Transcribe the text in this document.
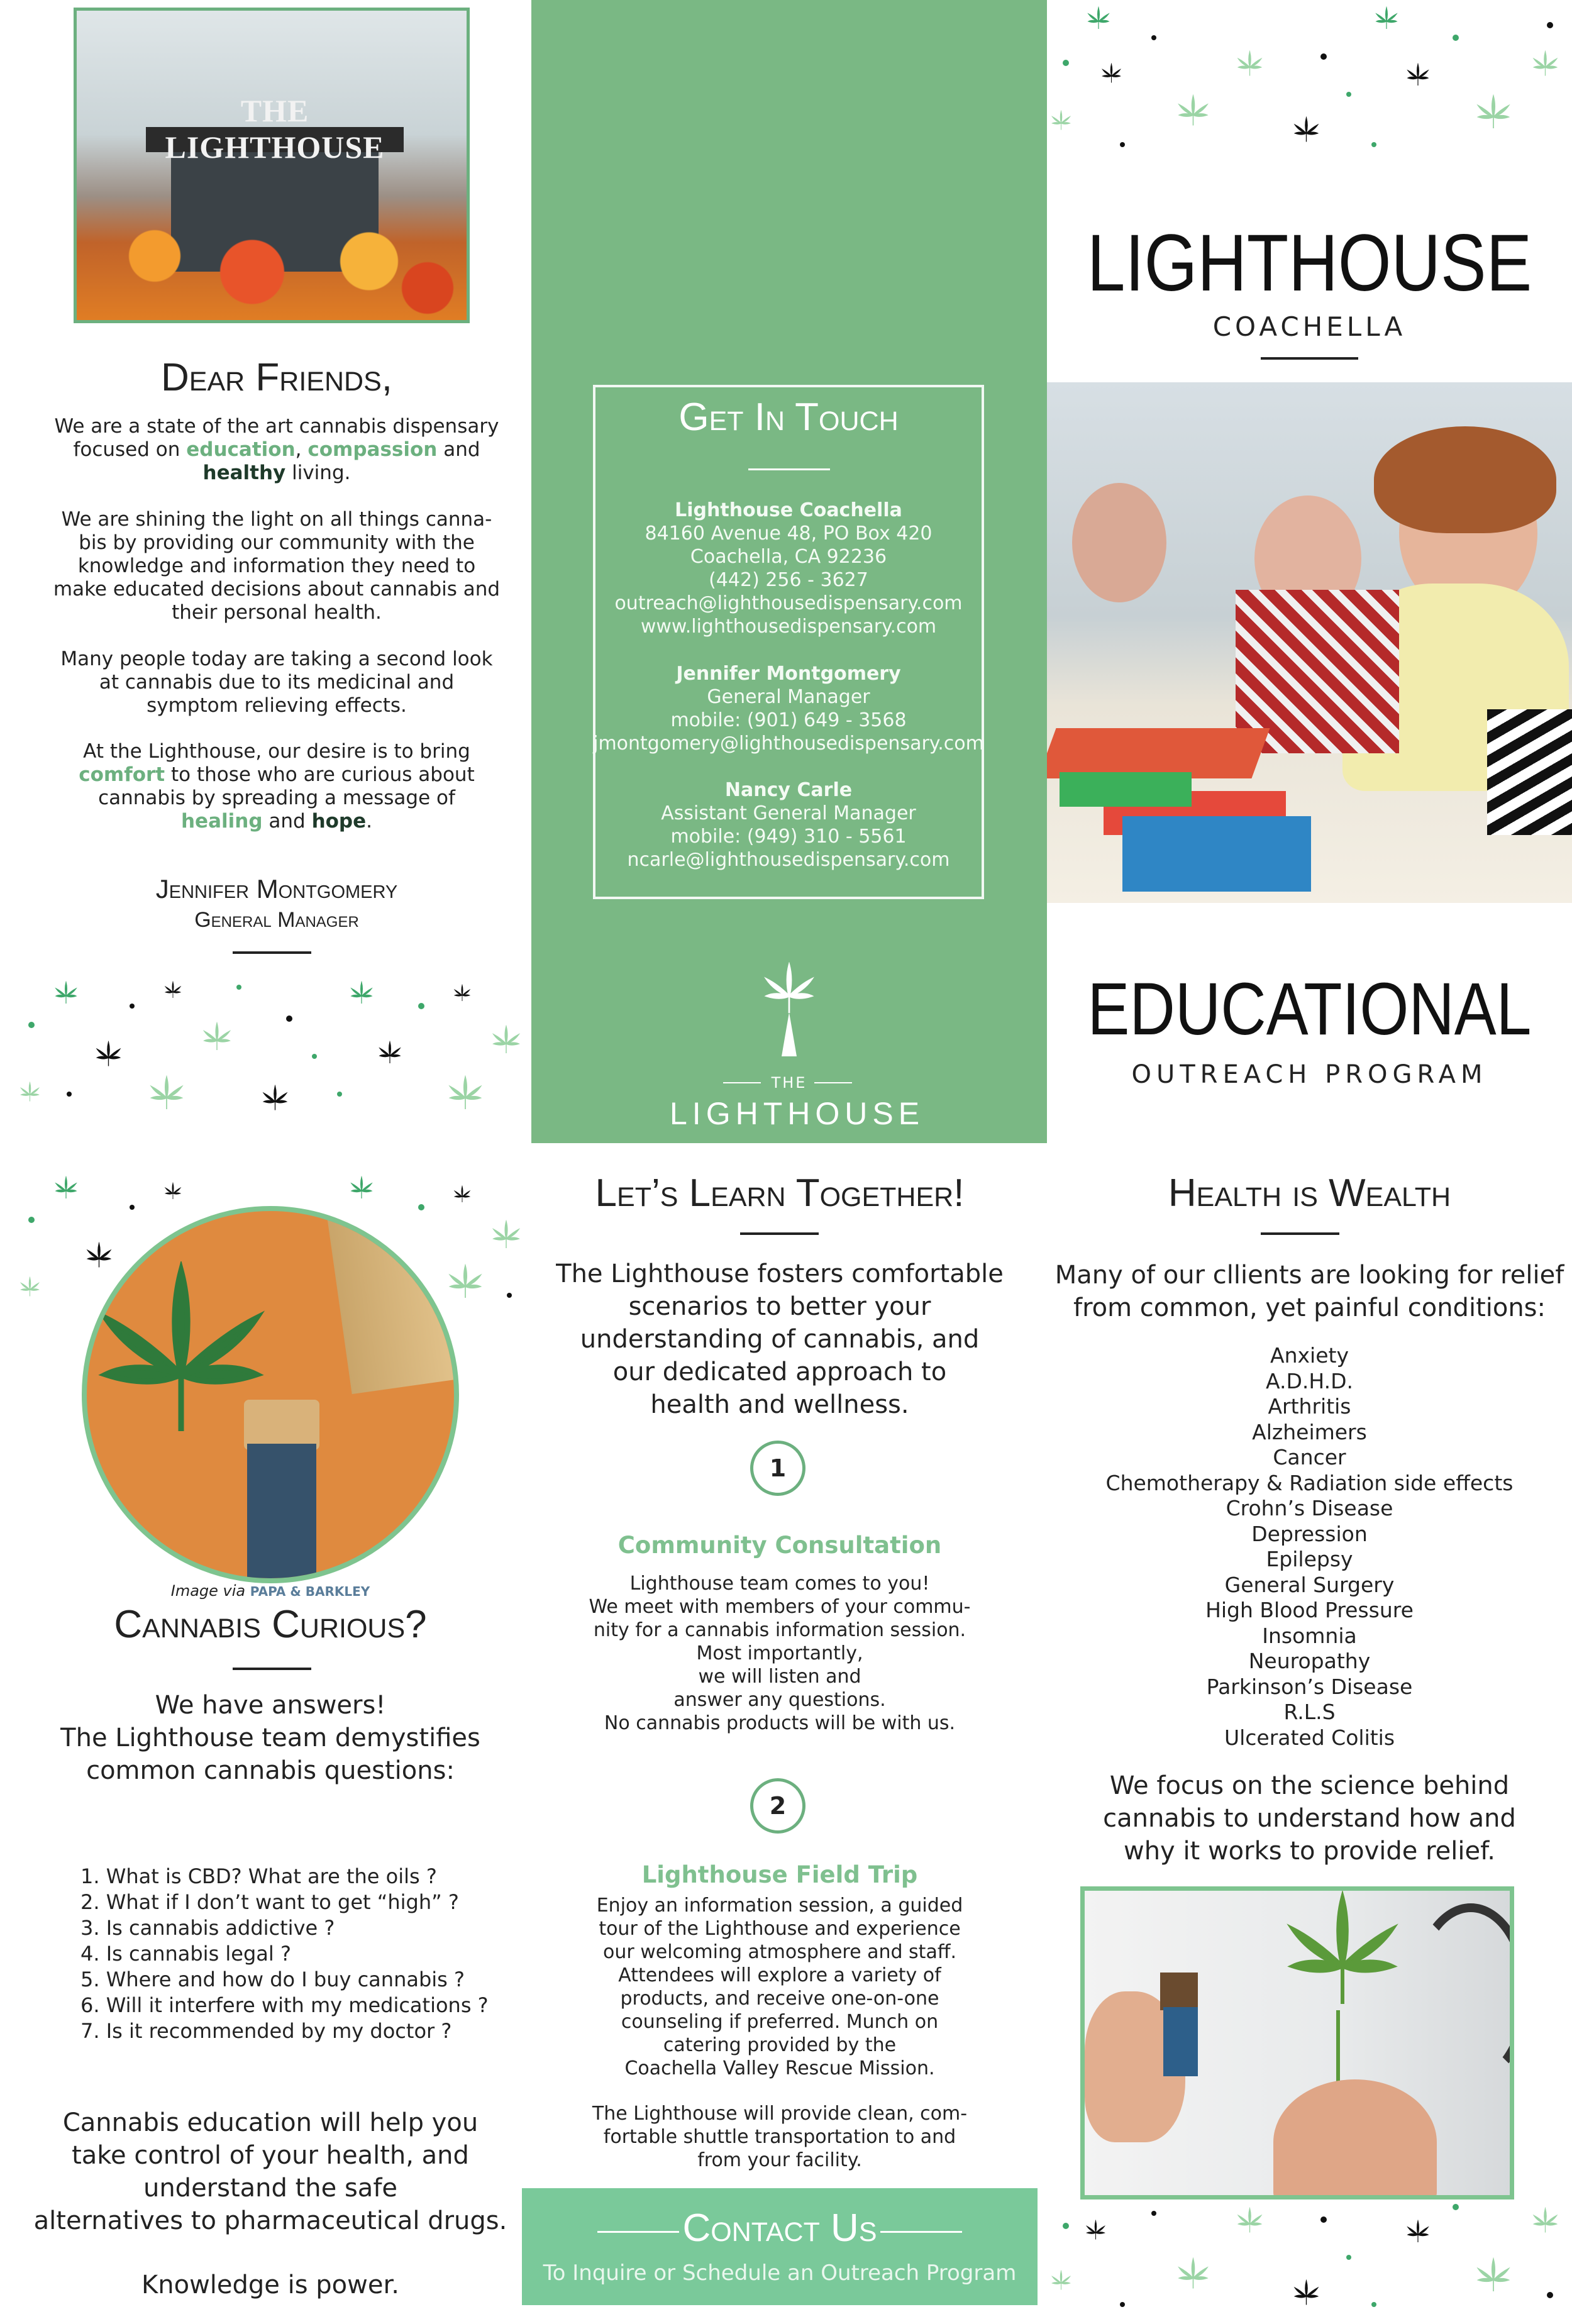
THE LIGHTHOUSE
Dear Friends,
We are a state of the art cannabis dispensary
focused on education, compassion and
healthy living.
We are shining the light on all things canna-
bis by providing our community with the
knowledge and information they need to
make educated decisions about cannabis and
their personal health.
Many people today are taking a second look
at cannabis due to its medicinal and
symptom relieving effects.
At the Lighthouse, our desire is to bring
comfort to those who are curious about
cannabis by spreading a message of
healing and hope.
Jennifer Montgomery
General Manager
Get In Touch
Lighthouse Coachella
84160 Avenue 48, PO Box 420
Coachella, CA 92236
(442) 256 - 3627
outreach@lighthousedispensary.com
www.lighthousedispensary.com
Jennifer Montgomery
General Manager
mobile: (901) 649 - 3568
jmontgomery@lighthousedispensary.com
Nancy Carle
Assistant General Manager
mobile: (949) 310 - 5561
ncarle@lighthousedispensary.com
THE
LIGHTHOUSE
LIGHTHOUSE
COACHELLA
EDUCATIONAL
OUTREACH PROGRAM
Image via PAPA & BARKLEY
Cannabis Curious?
We have answers!
The Lighthouse team demystifies
common cannabis questions:
1. What is CBD? What are the oils ?
2. What if I don’t want to get “high” ?
3. Is cannabis addictive ?
4. Is cannabis legal ?
5. Where and how do I buy cannabis ?
6. Will it interfere with my medications ?
7. Is it recommended by my doctor ?
Cannabis education will help you
take control of your health, and
understand the safe
alternatives to pharmaceutical drugs.
Knowledge is power.
Let’s Learn Together!
The Lighthouse fosters comfortable
scenarios to better your
understanding of cannabis, and
our dedicated approach to
health and wellness.
1
Community Consultation
Lighthouse team comes to you!
We meet with members of your commu-
nity for a cannabis information session.
Most importantly,
we will listen and
answer any questions.
No cannabis products will be with us.
2
Lighthouse Field Trip
Enjoy an information session, a guided
tour of the Lighthouse and experience
our welcoming atmosphere and staff.
Attendees will explore a variety of
products, and receive one-on-one
counseling if preferred. Munch on
catering provided by the
Coachella Valley Rescue Mission.
The Lighthouse will provide clean, com-
fortable shuttle transportation to and
from your facility.
Contact Us
To Inquire or Schedule an Outreach Program
Health is Wealth
Many of our cllients are looking for relief
from common, yet painful conditions:
Anxiety
A.D.H.D.
Arthritis
Alzheimers
Cancer
Chemotherapy & Radiation side effects
Crohn’s Disease
Depression
Epilepsy
General Surgery
High Blood Pressure
Insomnia
Neuropathy
Parkinson’s Disease
R.L.S
Ulcerated Colitis
We focus on the science behind
cannabis to understand how and
why it works to provide relief.
